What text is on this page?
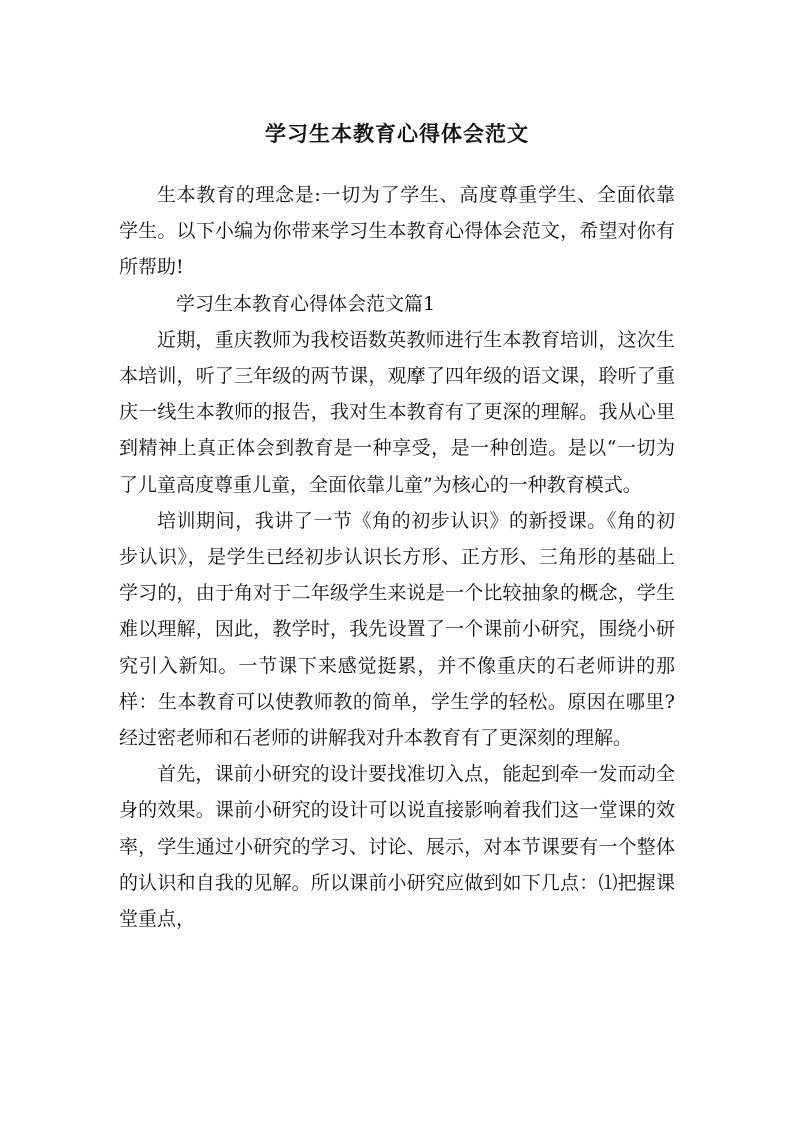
学习生本教育心得体会范文

生本教育的理念是:一切为了学生、高度尊重学生、全面依靠学生。以下小编为你带来学习生本教育心得体会范文，希望对你有所帮助!

学习生本教育心得体会范文篇1

近期，重庆教师为我校语数英教师进行生本教育培训，这次生本培训，听了三年级的两节课，观摩了四年级的语文课，聆听了重庆一线生本教师的报告，我对生本教育有了更深的理解。我从心里到精神上真正体会到教育是一种享受，是一种创造。是以“一切为了儿童高度尊重儿童，全面依靠儿童”为核心的一种教育模式。

培训期间，我讲了一节《角的初步认识》的新授课。《角的初步认识》，是学生已经初步认识长方形、正方形、三角形的基础上学习的，由于角对于二年级学生来说是一个比较抽象的概念，学生难以理解，因此，教学时，我先设置了一个课前小研究，围绕小研究引入新知。一节课下来感觉挺累，并不像重庆的石老师讲的那样：生本教育可以使教师教的简单，学生学的轻松。原因在哪里?经过密老师和石老师的讲解我对升本教育有了更深刻的理解。

首先，课前小研究的设计要找准切入点，能起到牵一发而动全身的效果。课前小研究的设计可以说直接影响着我们这一堂课的效率，学生通过小研究的学习、讨论、展示，对本节课要有一个整体的认识和自我的见解。所以课前小研究应做到如下几点：⑴把握课堂重点，
